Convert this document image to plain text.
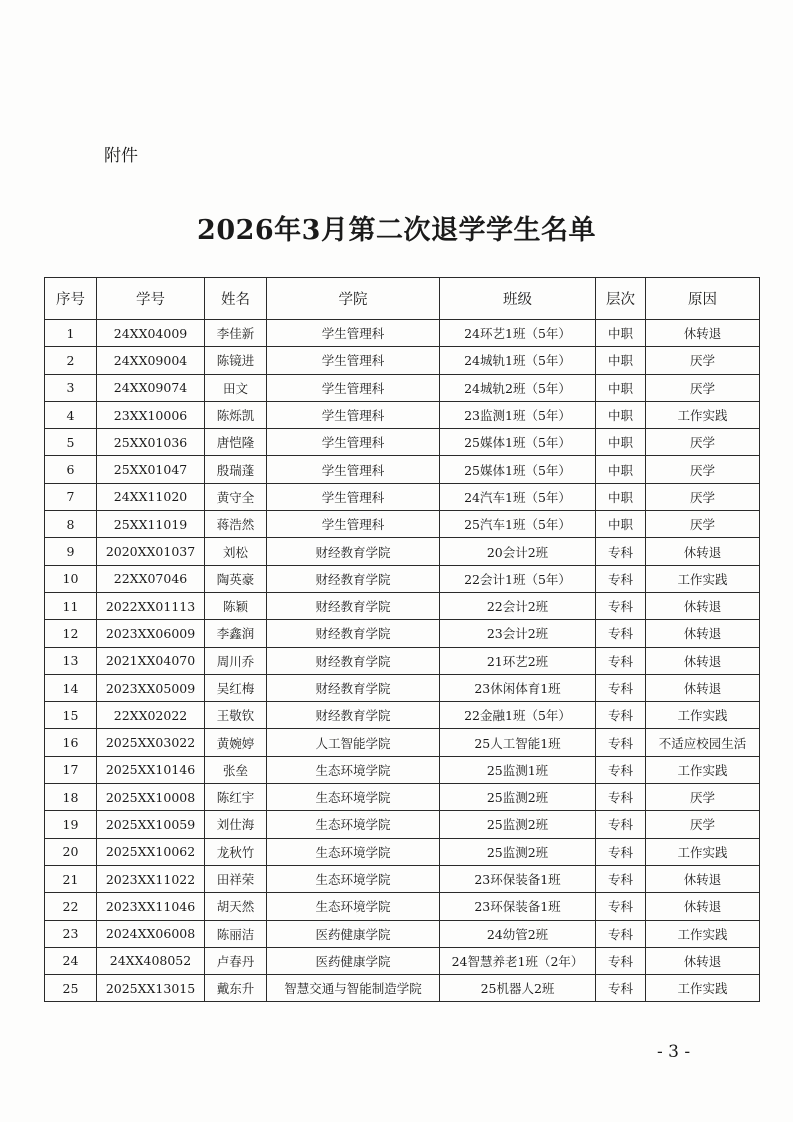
附件
2026年3月第二次退学学生名单
序号	学号	姓名	学院	班级	层次	原因
1	24XX04009	李佳新	学生管理科	24环艺1班（5年）	中职	休转退
2	24XX09004	陈镜进	学生管理科	24城轨1班（5年）	中职	厌学
3	24XX09074	田文	学生管理科	24城轨2班（5年）	中职	厌学
4	23XX10006	陈烁凯	学生管理科	23监测1班（5年）	中职	工作实践
5	25XX01036	唐恺隆	学生管理科	25媒体1班（5年）	中职	厌学
6	25XX01047	殷瑞蓬	学生管理科	25媒体1班（5年）	中职	厌学
7	24XX11020	黄守全	学生管理科	24汽车1班（5年）	中职	厌学
8	25XX11019	蒋浩然	学生管理科	25汽车1班（5年）	中职	厌学
9	2020XX01037	刘松	财经教育学院	20会计2班	专科	休转退
10	22XX07046	陶英豪	财经教育学院	22会计1班（5年）	专科	工作实践
11	2022XX01113	陈颖	财经教育学院	22会计2班	专科	休转退
12	2023XX06009	李鑫润	财经教育学院	23会计2班	专科	休转退
13	2021XX04070	周川乔	财经教育学院	21环艺2班	专科	休转退
14	2023XX05009	吴红梅	财经教育学院	23休闲体育1班	专科	休转退
15	22XX02022	王敬钦	财经教育学院	22金融1班（5年）	专科	工作实践
16	2025XX03022	黄婉婷	人工智能学院	25人工智能1班	专科	不适应校园生活
17	2025XX10146	张垒	生态环境学院	25监测1班	专科	工作实践
18	2025XX10008	陈红宇	生态环境学院	25监测2班	专科	厌学
19	2025XX10059	刘仕海	生态环境学院	25监测2班	专科	厌学
20	2025XX10062	龙秋竹	生态环境学院	25监测2班	专科	工作实践
21	2023XX11022	田祥荣	生态环境学院	23环保装备1班	专科	休转退
22	2023XX11046	胡天然	生态环境学院	23环保装备1班	专科	休转退
23	2024XX06008	陈丽洁	医药健康学院	24幼管2班	专科	工作实践
24	24XX408052	卢春丹	医药健康学院	24智慧养老1班（2年）	专科	休转退
25	2025XX13015	戴东升	智慧交通与智能制造学院	25机器人2班	专科	工作实践
- 3 -
